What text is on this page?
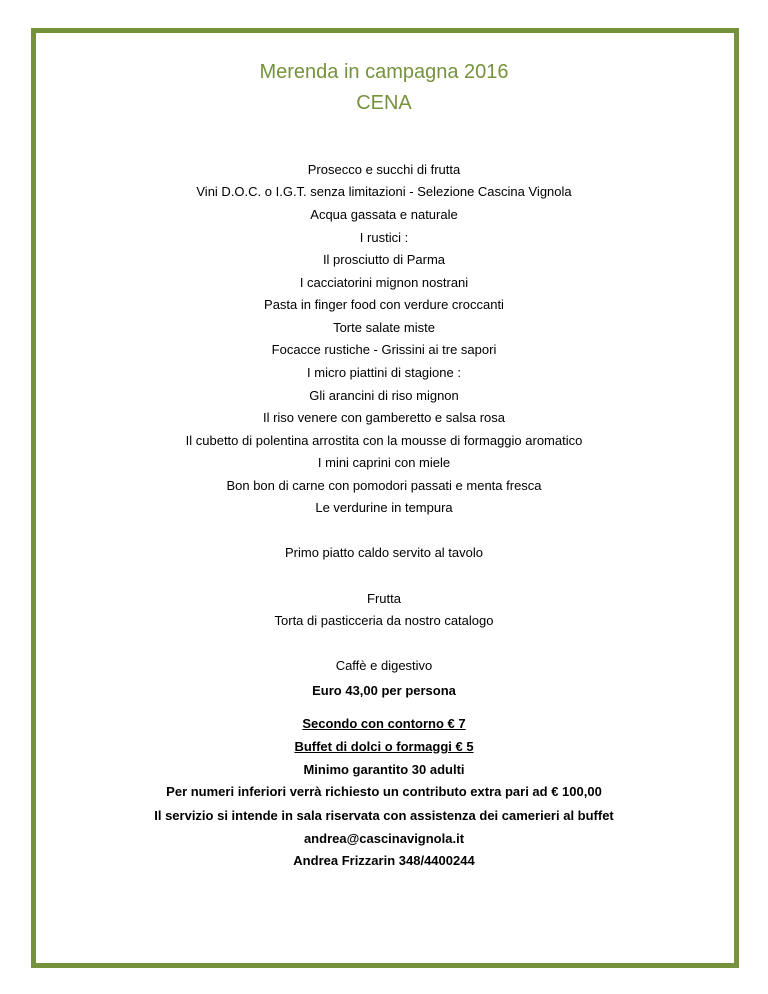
Merenda in campagna 2016
CENA
Prosecco e succhi di frutta
Vini D.O.C. o I.G.T. senza limitazioni - Selezione Cascina Vignola
Acqua gassata e naturale
I rustici :
Il prosciutto di Parma
I cacciatorini mignon nostrani
Pasta in finger food con verdure croccanti
Torte salate miste
Focacce rustiche - Grissini ai tre sapori
I micro piattini di stagione :
Gli arancini di riso mignon
Il riso venere con gamberetto e salsa rosa
Il cubetto di polentina arrostita con la mousse di formaggio aromatico
I mini caprini con miele
Bon bon di carne con pomodori passati e menta fresca
Le verdurine in tempura
Primo piatto caldo servito al tavolo
Frutta
Torta di pasticceria da nostro catalogo
Caffè e digestivo
Euro 43,00 per persona
Secondo con contorno € 7
Buffet di dolci o formaggi € 5
Minimo garantito 30 adulti
Per numeri inferiori verrà richiesto un contributo extra pari ad € 100,00
Il servizio si intende in sala riservata con assistenza dei camerieri al buffet
andrea@cascinavignola.it
Andrea Frizzarin 348/4400244
